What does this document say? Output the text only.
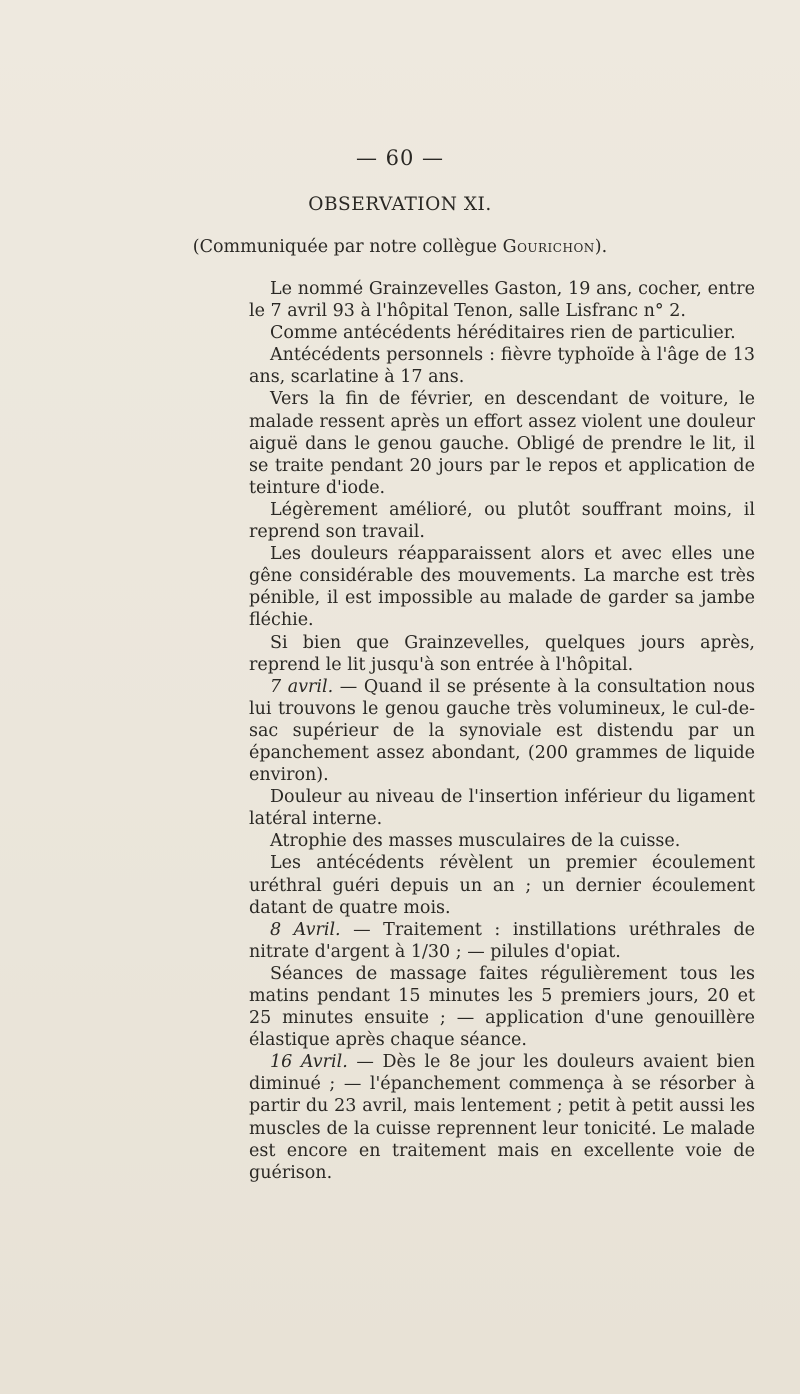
— 60 —
OBSERVATION XI.
(Communiquée par notre collègue Gourichon).

Le nommé Grainzevelles Gaston, 19 ans, cocher, entre le 7 avril 93 à l'hôpital Tenon, salle Lisfranc n° 2.

Comme antécédents héréditaires rien de particulier.

Antécédents personnels : fièvre typhoïde à l'âge de 13 ans, scarlatine à 17 ans.

Vers la fin de février, en descendant de voiture, le malade ressent après un effort assez violent une douleur aiguë dans le genou gauche. Obligé de prendre le lit, il se traite pendant 20 jours par le repos et application de teinture d'iode.

Légèrement amélioré, ou plutôt souffrant moins, il reprend son travail.

Les douleurs réapparaissent alors et avec elles une gêne considérable des mouvements. La marche est très pénible, il est impossible au malade de garder sa jambe fléchie.

Si bien que Grainzevelles, quelques jours après, reprend le lit jusqu'à son entrée à l'hôpital.

7 avril. — Quand il se présente à la consultation nous lui trouvons le genou gauche très volumineux, le cul-de-sac supérieur de la synoviale est distendu par un épanchement assez abondant, (200 grammes de liquide environ).

Douleur au niveau de l'insertion inférieur du ligament latéral interne.

Atrophie des masses musculaires de la cuisse.

Les antécédents révèlent un premier écoulement uréthral guéri depuis un an ; un dernier écoulement datant de quatre mois.

8 Avril. — Traitement : instillations uréthrales de nitrate d'argent à 1/30 ; — pilules d'opiat.

Séances de massage faites régulièrement tous les matins pendant 15 minutes les 5 premiers jours, 20 et 25 minutes ensuite ; — application d'une genouillère élastique après chaque séance.

16 Avril. — Dès le 8e jour les douleurs avaient bien diminué ; — l'épanchement commença à se résorber à partir du 23 avril, mais lentement ; petit à petit aussi les muscles de la cuisse reprennent leur tonicité. Le malade est encore en traitement mais en excellente voie de guérison.
